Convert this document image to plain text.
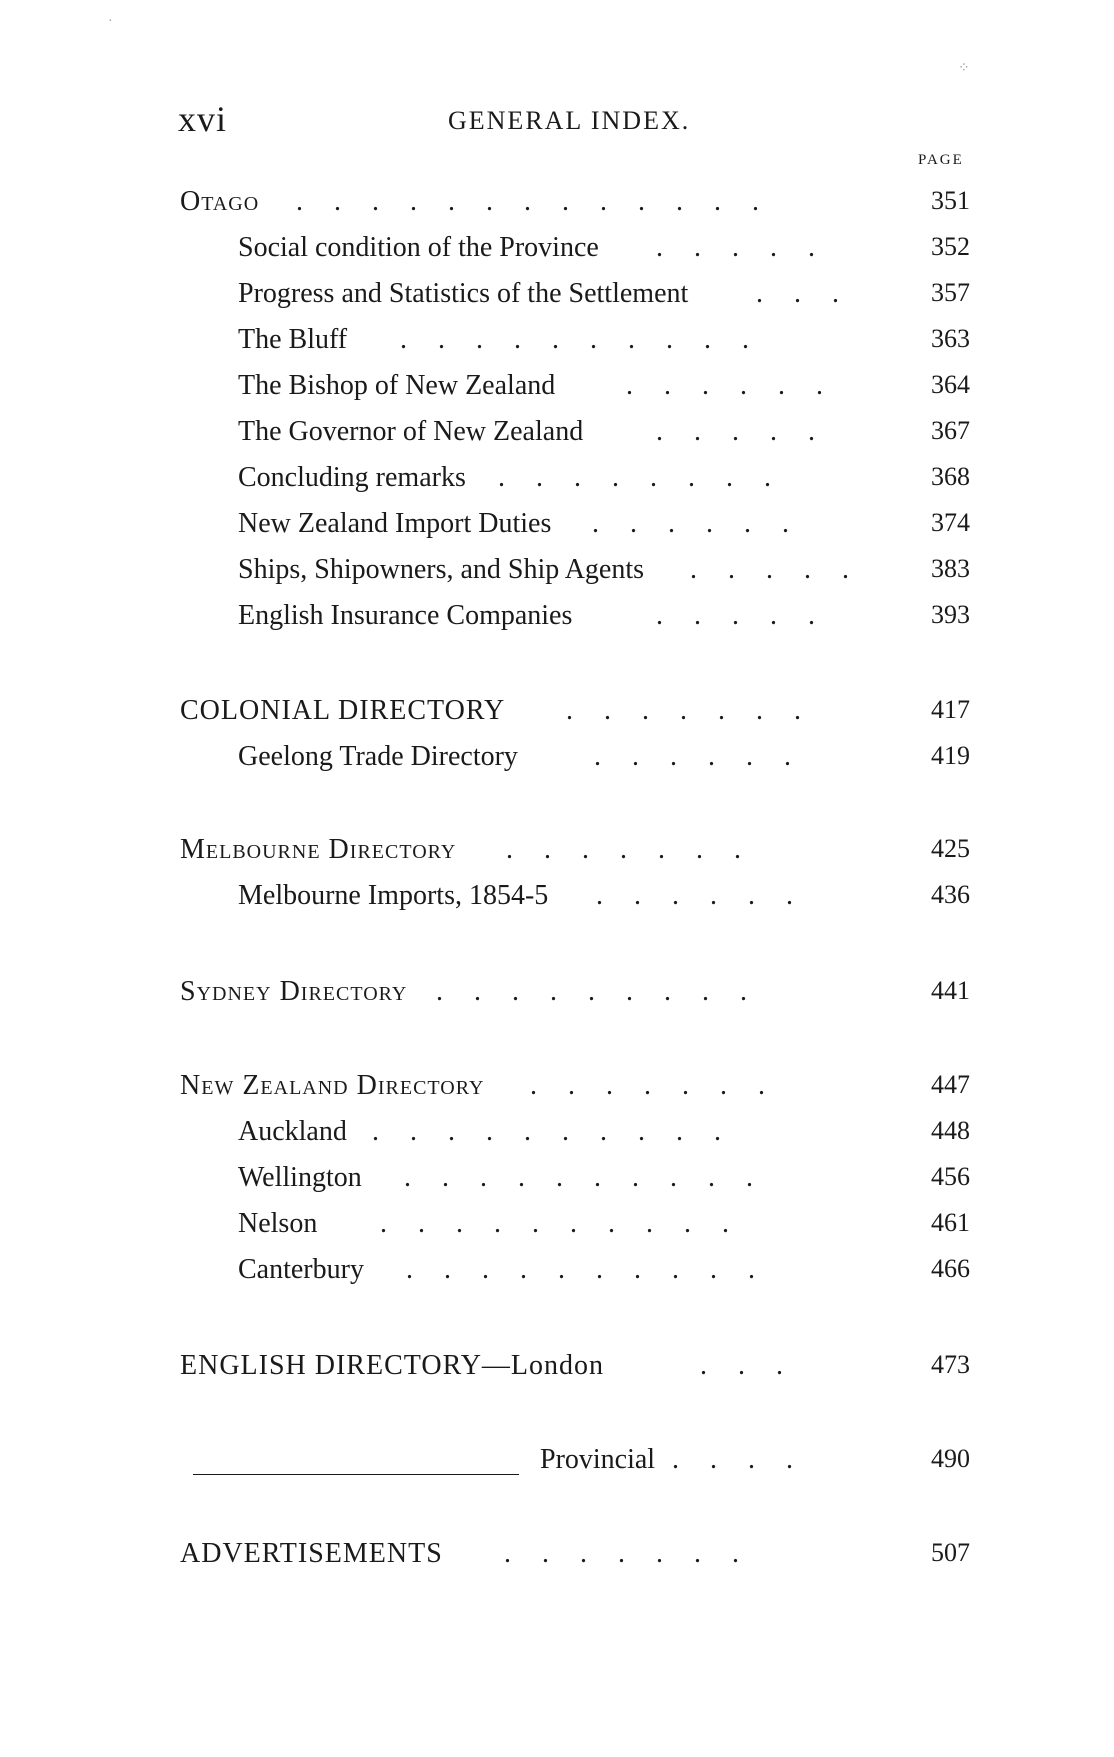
xvi	GENERAL INDEX.
PAGE
Otago .............	351
Social condition of the Province .....	352
Progress and Statistics of the Settlement ...	357
The Bluff ..........	363
The Bishop of New Zealand	......	364
The Governor of New Zealand	.....	367
Concluding remarks ........	368
New Zealand Import Duties ......	374
Ships, Shipowners, and Ship Agents .....	383
English Insurance Companies	.....	393
COLONIAL DIRECTORY .......	417
Geelong Trade Directory	......	419
Melbourne Directory .......	425
Melbourne Imports, 1854-5 ......	436
Sydney Directory .........	441
New Zealand Directory .......	447
Auckland ..........	448
Wellington ..........	456
Nelson ..........	461
Canterbury ..........	466
ENGLISH DIRECTORY—London	...	473
Provincial ....	490
ADVERTISEMENTS .......	507
⁘
·
